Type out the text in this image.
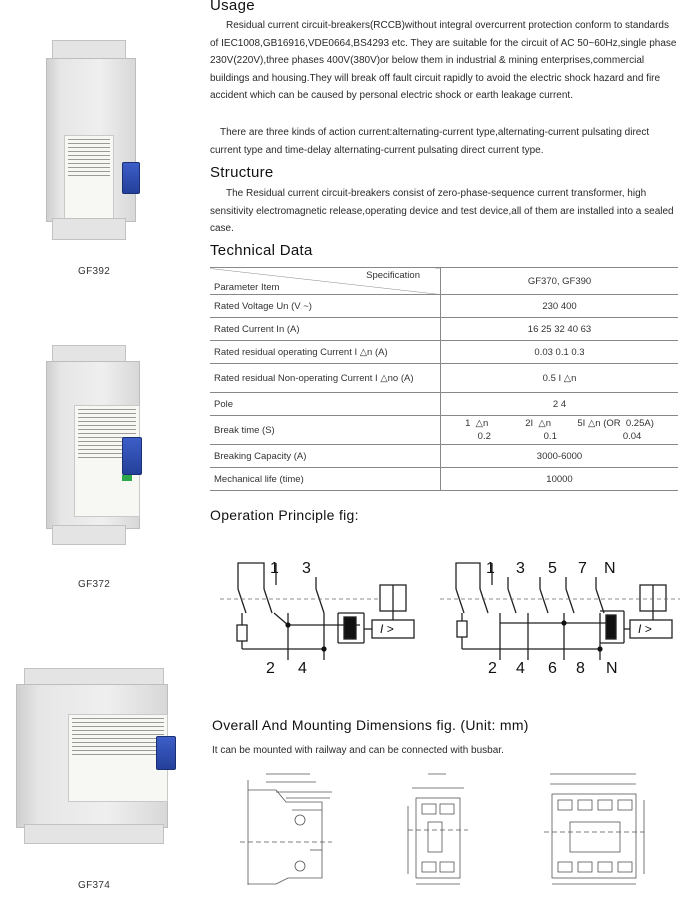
GF392
GF372
GF374
Usage
Residual current circuit-breakers(RCCB)without integral overcurrent protection conform to standards of IEC1008,GB16916,VDE0664,BS4293 etc. They are suitable for the circuit of AC 50~60Hz,single phase 230V(220V),three phases 400V(380V)or below them in industrial & mining enterprises,commercial buildings and housing.They will break off fault circuit rapidly to avoid the electric shock hazard and fire accident which can be caused by personal electric shock or earth leakage current.
There are three kinds of action current:alternating-current type,alternating-current pulsating direct current type and time-delay alternating-current pulsating direct current type.
Structure
The Residual current circuit-breakers consist of zero-phase-sequence current transformer, high sensitivity electromagnetic release,operating device and test device,all of them are installed into a sealed case.
Technical Data
Specification
Parameter Item	GF370, GF390
Rated Voltage Un (V ~)	230 400
Rated Current In (A)	16 25 32 40 63
Rated residual operating Current I △n (A)	0.03 0.1 0.3
Rated residual Non-operating Current I △no (A)	0.5 I △n
Pole	2 4
Break time (S)	1  △n              2I  △n          5I △n (OR  0.25A)
0.2                    0.1                         0.04

Breaking Capacity (A)	3000-6000
Mechanical life (time)	10000
Operation Principle fig:
1 3
2 4
I >
1 3 5 7 N
2 4 6 8 N
I >
Overall And Mounting Dimensions fig. (Unit: mm)
It can be mounted with railway and can be connected with busbar.
